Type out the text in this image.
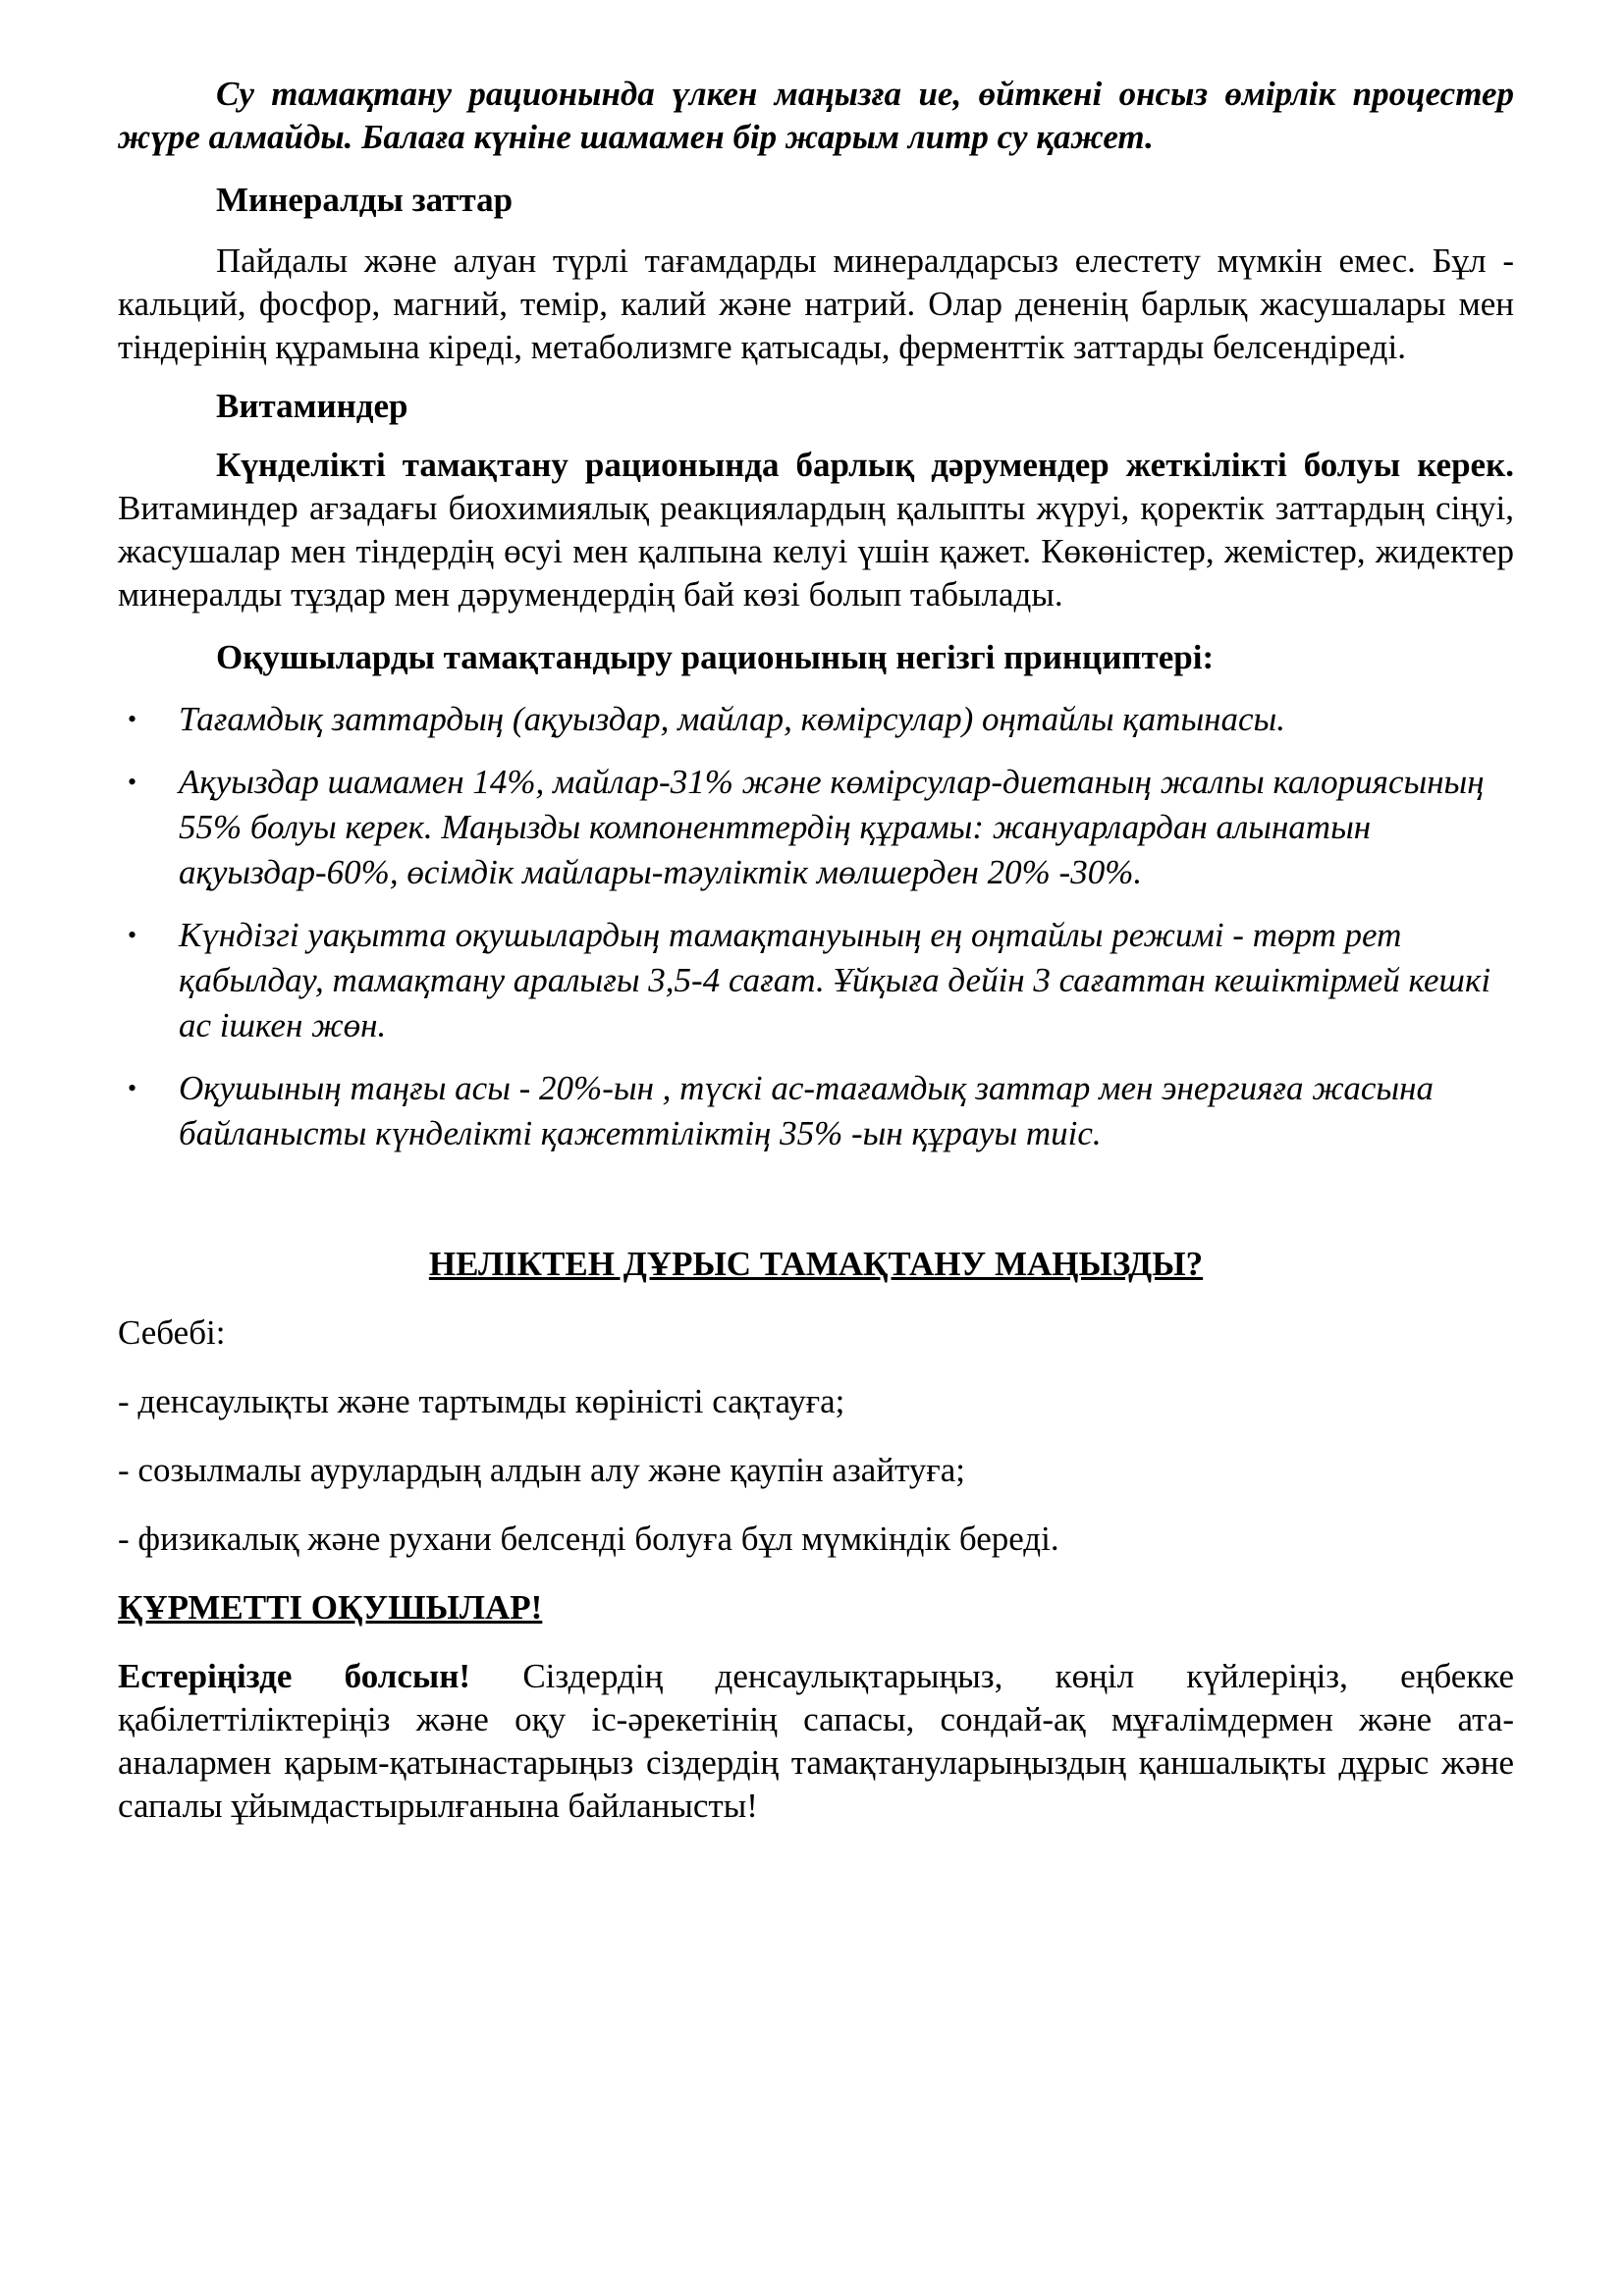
Су тамақтану рационында үлкен маңызға ие, өйткені онсыз өмірлік процестер жүре алмайды. Балаға күніне шамамен бір жарым литр су қажет.

Минералды заттар

Пайдалы және алуан түрлі тағамдарды минералдарсыз елестету мүмкін емес. Бұл - кальций, фосфор, магний, темір, калий және натрий. Олар дененің барлық жасушалары мен тіндерінің құрамына кіреді, метаболизмге қатысады, ферменттік заттарды белсендіреді.

Витаминдер

Күнделікті тамақтану рационында барлық дәрумендер жеткілікті болуы керек. Витаминдер ағзадағы биохимиялық реакциялардың қалыпты жүруі, қоректік заттардың сіңуі, жасушалар мен тіндердің өсуі мен қалпына келуі үшін қажет. Көкөністер, жемістер, жидектер минералды тұздар мен дәрумендердің бай көзі болып табылады.

Оқушыларды тамақтандыру рационының негізгі принциптері:

• Тағамдық заттардың (ақуыздар, майлар, көмірсулар) оңтайлы қатынасы.
• Ақуыздар шамамен 14%, майлар-31% және көмірсулар-диетаның жалпы калориясының 55% болуы керек. Маңызды компоненттердің құрамы: жануарлардан алынатын ақуыздар-60%, өсімдік майлары-тәуліктік мөлшерден 20% -30%.
• Күндізгі уақытта оқушылардың тамақтануының ең оңтайлы режимі - төрт рет қабылдау, тамақтану аралығы 3,5-4 сағат. Ұйқыға дейін 3 сағаттан кешіктірмей кешкі ас ішкен жөн.
• Оқушының таңғы асы - 20%-ын , түскі ас-тағамдық заттар мен энергияға жасына байланысты күнделікті қажеттіліктің 35% -ын құрауы тиіс.

НЕЛІКТЕН ДҰРЫС ТАМАҚТАНУ МАҢЫЗДЫ?

Себебі:

- денсаулықты және тартымды көріністі сақтауға;

- созылмалы аурулардың алдын алу және қаупін азайтуға;

- физикалық және рухани белсенді болуға бұл мүмкіндік береді.

ҚҰРМЕТТІ ОҚУШЫЛАР!

Естеріңізде болсын! Сіздердің денсаулықтарыңыз, көңіл күйлеріңіз, еңбекке қабілеттіліктеріңіз және оқу іс-әрекетінің сапасы, сондай-ақ мұғалімдермен және ата-аналармен қарым-қатынастарыңыз сіздердің тамақтануларыңыздың қаншалықты дұрыс және сапалы ұйымдастырылғанына байланысты!
